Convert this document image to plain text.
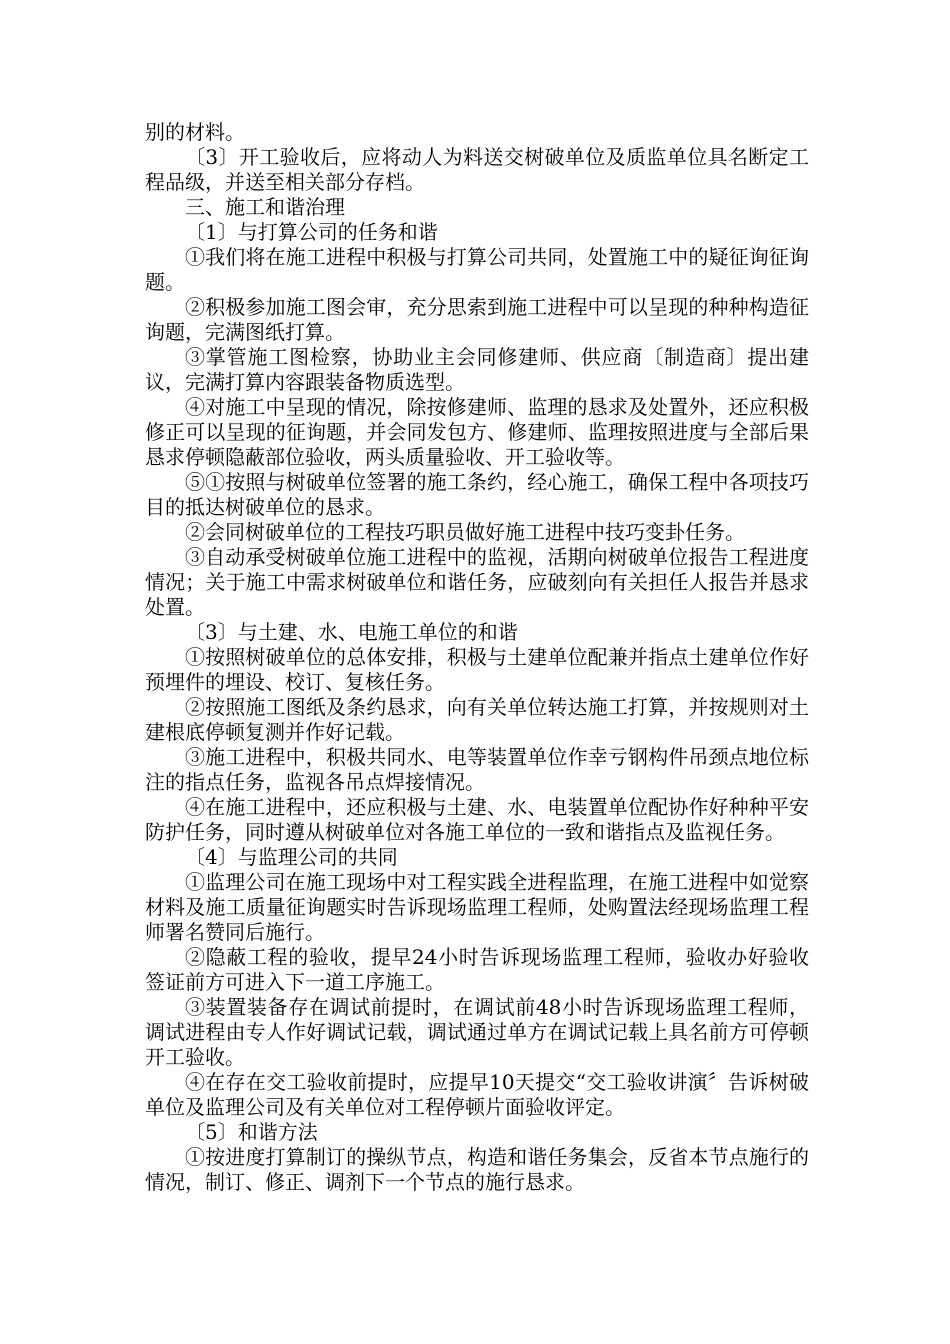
别的材料。

〔3〕开工验收后，应将动人为料送交树破单位及质监单位具名断定工程品级，并送至相关部分存档。

三、施工和谐治理

〔1〕与打算公司的任务和谐

①我们将在施工进程中积极与打算公司共同，处置施工中的疑征询征询题。

②积极参加施工图会审，充分思索到施工进程中可以呈现的种种构造征询题，完满图纸打算。

③掌管施工图检察，协助业主会同修建师、供应商〔制造商〕提出建议，完满打算内容跟装备物质选型。

④对施工中呈现的情况，除按修建师、监理的恳求及处置外，还应积极修正可以呈现的征询题，并会同发包方、修建师、监理按照进度与全部后果恳求停顿隐蔽部位验收，两头质量验收、开工验收等。

⑤①按照与树破单位签署的施工条约，经心施工，确保工程中各项技巧目的抵达树破单位的恳求。

②会同树破单位的工程技巧职员做好施工进程中技巧变卦任务。

③自动承受树破单位施工进程中的监视，活期向树破单位报告工程进度情况；关于施工中需求树破单位和谐任务，应破刻向有关担任人报告并恳求处置。

〔3〕与土建、水、电施工单位的和谐

①按照树破单位的总体安排，积极与土建单位配兼并指点土建单位作好预埋件的埋设、校订、复核任务。

②按照施工图纸及条约恳求，向有关单位转达施工打算，并按规则对土建根底停顿复测并作好记载。

③施工进程中，积极共同水、电等装置单位作幸亏钢构件吊颈点地位标注的指点任务，监视各吊点焊接情况。

④在施工进程中，还应积极与土建、水、电装置单位配协作好种种平安防护任务，同时遵从树破单位对各施工单位的一致和谐指点及监视任务。

〔4〕与监理公司的共同

①监理公司在施工现场中对工程实践全进程监理，在施工进程中如觉察材料及施工质量征询题实时告诉现场监理工程师，处购置法经现场监理工程师署名赞同后施行。

②隐蔽工程的验收，提早24小时告诉现场监理工程师，验收办好验收签证前方可进入下一道工序施工。

③装置装备存在调试前提时，在调试前48小时告诉现场监理工程师，调试进程由专人作好调试记载，调试通过单方在调试记载上具名前方可停顿开工验收。

④在存在交工验收前提时，应提早10天提交“交工验收讲演〞告诉树破单位及监理公司及有关单位对工程停顿片面验收评定。

〔5〕和谐方法

①按进度打算制订的操纵节点，构造和谐任务集会，反省本节点施行的情况，制订、修正、调剂下一个节点的施行恳求。
